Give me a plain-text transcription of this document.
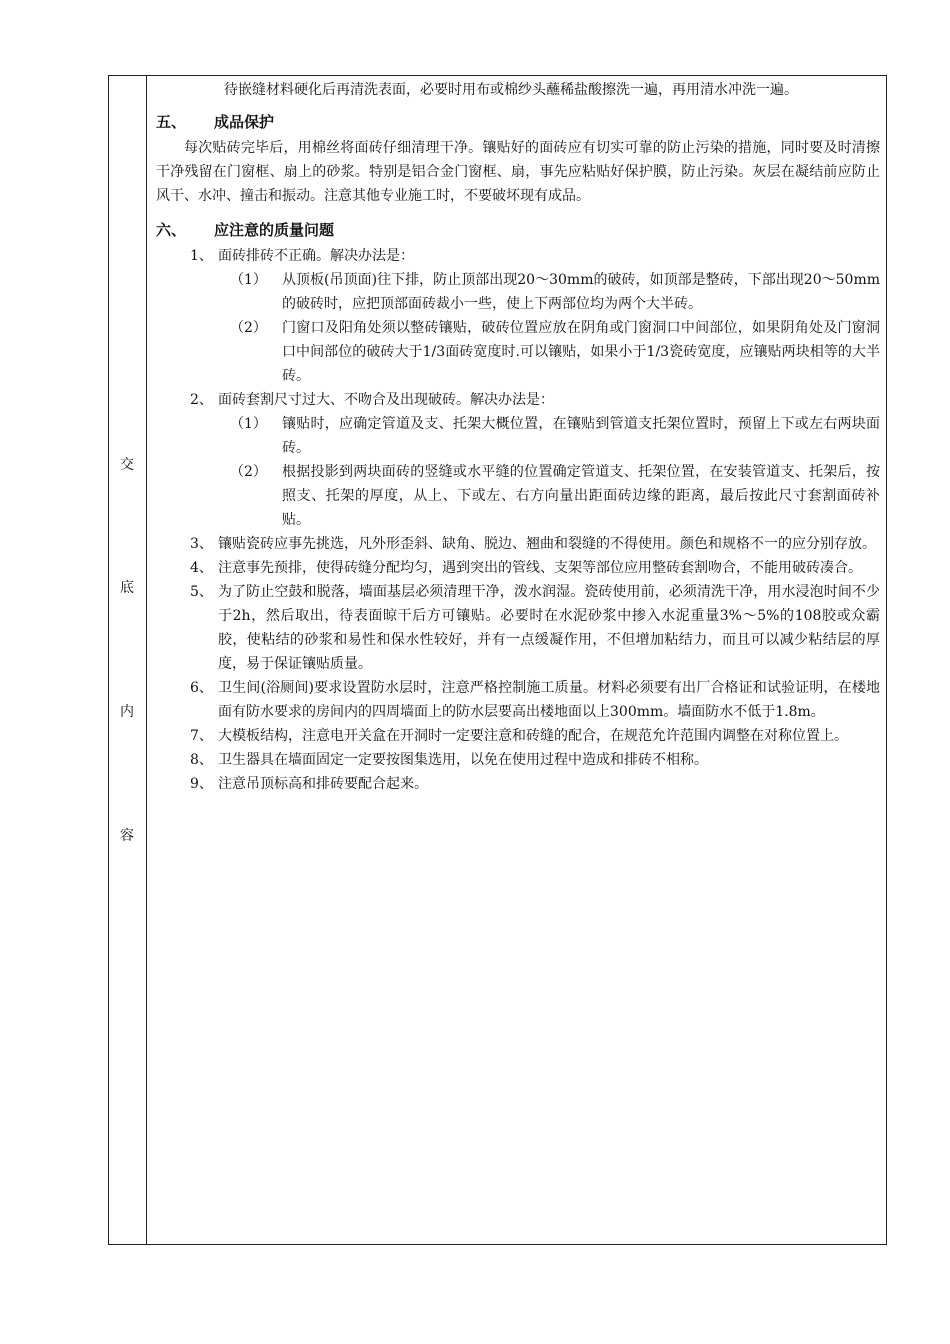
交
底
内
容

待嵌缝材料硬化后再清洗表面，必要时用布或棉纱头蘸稀盐酸擦洗一遍，再用清水冲洗一遍。

五、 成品保护

每次贴砖完毕后，用棉丝将面砖仔细清理干净。镶贴好的面砖应有切实可靠的防止污染的措施，同时要及时清擦干净残留在门窗框、扇上的砂浆。特别是铝合金门窗框、扇，事先应粘贴好保护膜，防止污染。灰层在凝结前应防止风干、水冲、撞击和振动。注意其他专业施工时，不要破坏现有成品。

六、 应注意的质量问题
1、 面砖排砖不正确。解决办法是：
（1）	从顶板(吊顶面)往下排，防止顶部出现20～30mm的破砖，如顶部是整砖，下部出现20～50mm的破砖时，应把顶部面砖裁小一些，使上下两部位均为两个大半砖。
（2）	门窗口及阳角处须以整砖镶贴，破砖位置应放在阴角或门窗洞口中间部位，如果阴角处及门窗洞口中间部位的破砖大于1/3面砖宽度时.可以镶贴，如果小于1/3瓷砖宽度，应镶贴两块相等的大半砖。
2、 面砖套割尺寸过大、不吻合及出现破砖。解决办法是：
（1）	镶贴时，应确定管道及支、托架大概位置，在镶贴到管道支托架位置时，预留上下或左右两块面砖。
（2）	根据投影到两块面砖的竖缝或水平缝的位置确定管道支、托架位置，在安装管道支、托架后，按照支、托架的厚度，从上、下或左、右方向量出距面砖边缘的距离，最后按此尺寸套割面砖补贴。
3、 镶贴瓷砖应事先挑选，凡外形歪斜、缺角、脱边、翘曲和裂缝的不得使用。颜色和规格不一的应分别存放。
4、 注意事先预排，使得砖缝分配均匀，遇到突出的管线、支架等部位应用整砖套割吻合，不能用破砖凑合。
5、 为了防止空鼓和脱落，墙面基层必须清理干净，泼水润湿。瓷砖使用前，必须清洗干净，用水浸泡时间不少于2h，然后取出，待表面晾干后方可镶贴。必要时在水泥砂浆中掺入水泥重量3%～5%的108胶或众霸胶，使粘结的砂浆和易性和保水性较好，并有一点缓凝作用，不但增加粘结力，而且可以减少粘结层的厚度，易于保证镶贴质量。
6、 卫生间(浴厕间)要求设置防水层时，注意严格控制施工质量。材料必须要有出厂合格证和试验证明，在楼地面有防水要求的房间内的四周墙面上的防水层要高出楼地面以上300mm。墙面防水不低于1.8m。
7、 大模板结构，注意电开关盒在开洞时一定要注意和砖缝的配合，在规范允许范围内调整在对称位置上。
8、 卫生器具在墙面固定一定要按图集选用，以免在使用过程中造成和排砖不相称。
9、 注意吊顶标高和排砖要配合起来。
